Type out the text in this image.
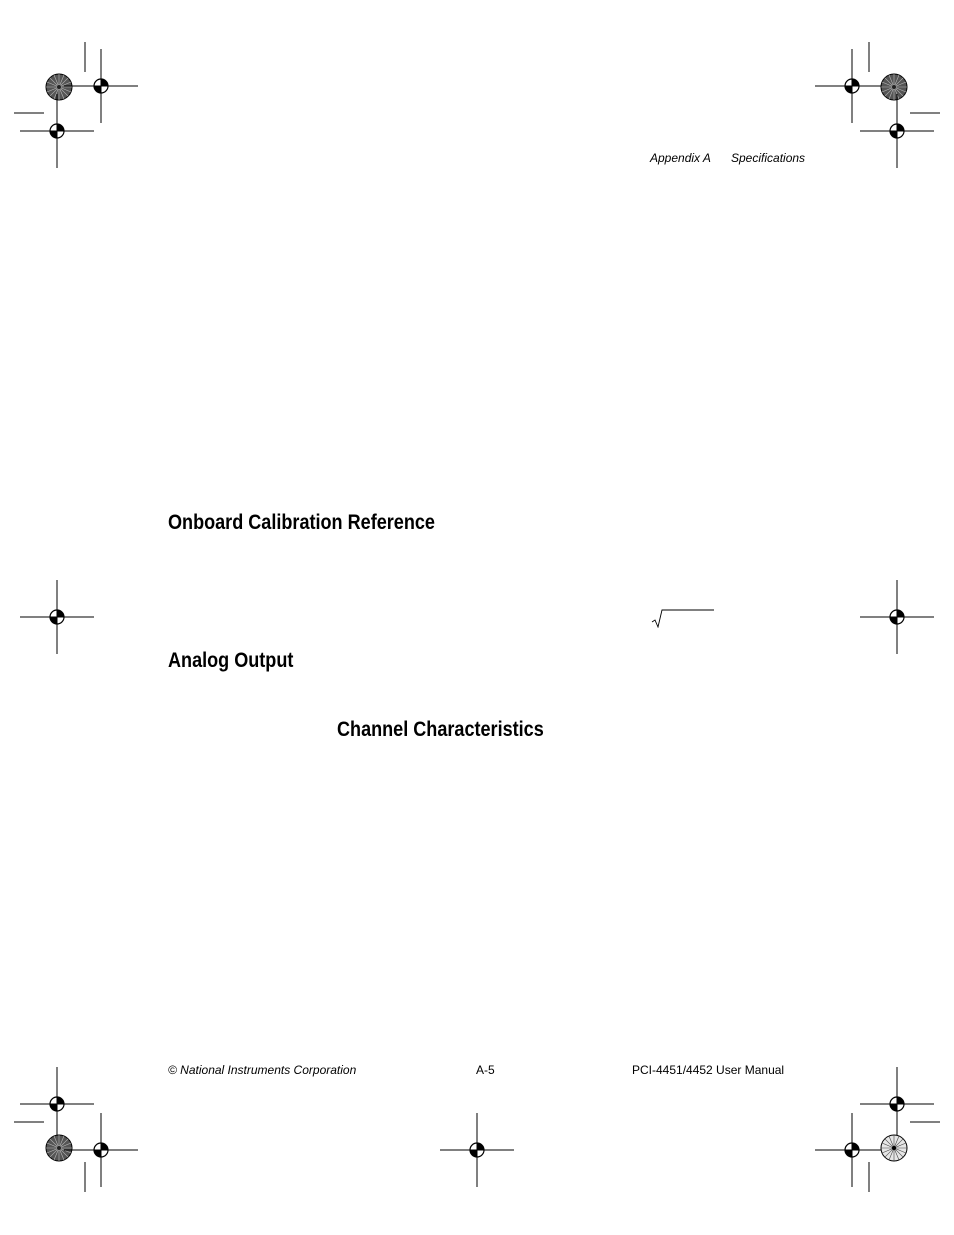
Appendix A Specifications
Onboard Calibration Reference
Analog Output
Channel Characteristics
© National Instruments Corporation	A-5	PCI-4451/4452 User Manual
